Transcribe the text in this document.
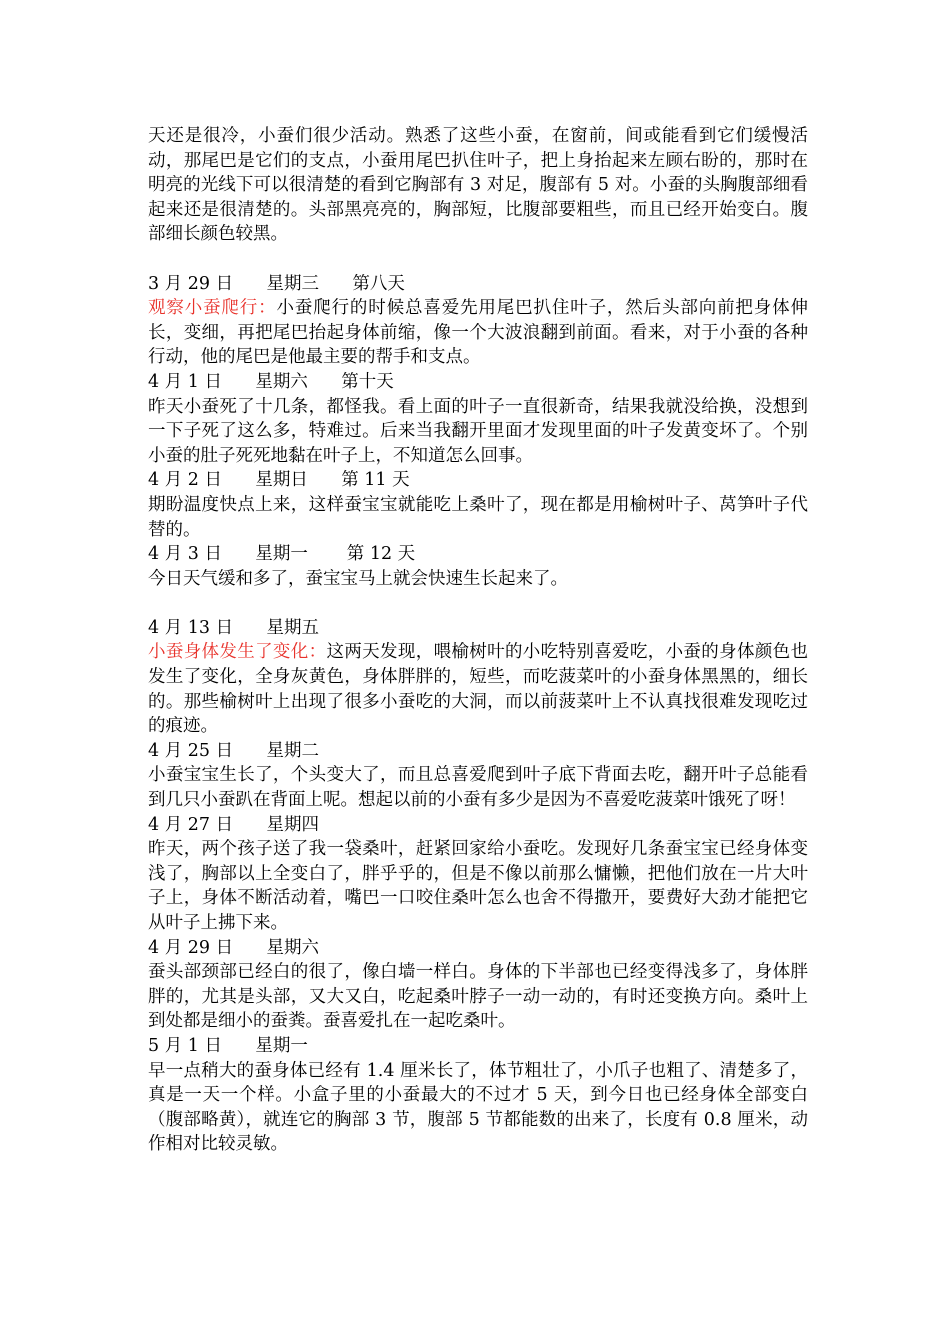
天还是很冷，小蚕们很少活动。熟悉了这些小蚕，在窗前，间或能看到它们缓慢活动，那尾巴是它们的支点，小蚕用尾巴扒住叶子，把上身抬起来左顾右盼的，那时在明亮的光线下可以很清楚的看到它胸部有 3 对足，腹部有 5 对。小蚕的头胸腹部细看起来还是很清楚的。头部黑亮亮的，胸部短，比腹部要粗些，而且已经开始变白。腹部细长颜色较黑。

3 月 29 日      星期三      第八天

观察小蚕爬行：小蚕爬行的时候总喜爱先用尾巴扒住叶子，然后头部向前把身体伸长，变细，再把尾巴抬起身体前缩，像一个大波浪翻到前面。看来，对于小蚕的各种行动，他的尾巴是他最主要的帮手和支点。

4 月 1 日      星期六      第十天

昨天小蚕死了十几条，都怪我。看上面的叶子一直很新奇，结果我就没给换，没想到一下子死了这么多，特难过。后来当我翻开里面才发现里面的叶子发黄变坏了。个别小蚕的肚子死死地黏在叶子上，不知道怎么回事。

4 月 2 日      星期日      第 11 天

期盼温度快点上来，这样蚕宝宝就能吃上桑叶了，现在都是用榆树叶子、莴笋叶子代替的。

4 月 3 日      星期一       第 12 天

今日天气缓和多了，蚕宝宝马上就会快速生长起来了。

4 月 13 日      星期五

小蚕身体发生了变化：这两天发现，喂榆树叶的小吃特别喜爱吃，小蚕的身体颜色也发生了变化，全身灰黄色，身体胖胖的，短些，而吃菠菜叶的小蚕身体黑黑的，细长的。那些榆树叶上出现了很多小蚕吃的大洞，而以前菠菜叶上不认真找很难发现吃过的痕迹。

4 月 25 日      星期二

小蚕宝宝生长了，个头变大了，而且总喜爱爬到叶子底下背面去吃，翻开叶子总能看到几只小蚕趴在背面上呢。想起以前的小蚕有多少是因为不喜爱吃菠菜叶饿死了呀！

4 月 27 日      星期四

昨天，两个孩子送了我一袋桑叶，赶紧回家给小蚕吃。发现好几条蚕宝宝已经身体变浅了，胸部以上全变白了，胖乎乎的，但是不像以前那么慵懒，把他们放在一片大叶子上，身体不断活动着，嘴巴一口咬住桑叶怎么也舍不得撒开，要费好大劲才能把它从叶子上拂下来。

4 月 29 日      星期六

蚕头部颈部已经白的很了，像白墙一样白。身体的下半部也已经变得浅多了，身体胖胖的，尤其是头部，又大又白，吃起桑叶脖子一动一动的，有时还变换方向。桑叶上到处都是细小的蚕粪。蚕喜爱扎在一起吃桑叶。

5 月 1 日      星期一

早一点稍大的蚕身体已经有 1.4 厘米长了，体节粗壮了，小爪子也粗了、清楚多了，真是一天一个样。小盒子里的小蚕最大的不过才 5 天，到今日也已经身体全部变白（腹部略黄），就连它的胸部 3 节，腹部 5 节都能数的出来了，长度有 0.8 厘米，动作相对比较灵敏。
